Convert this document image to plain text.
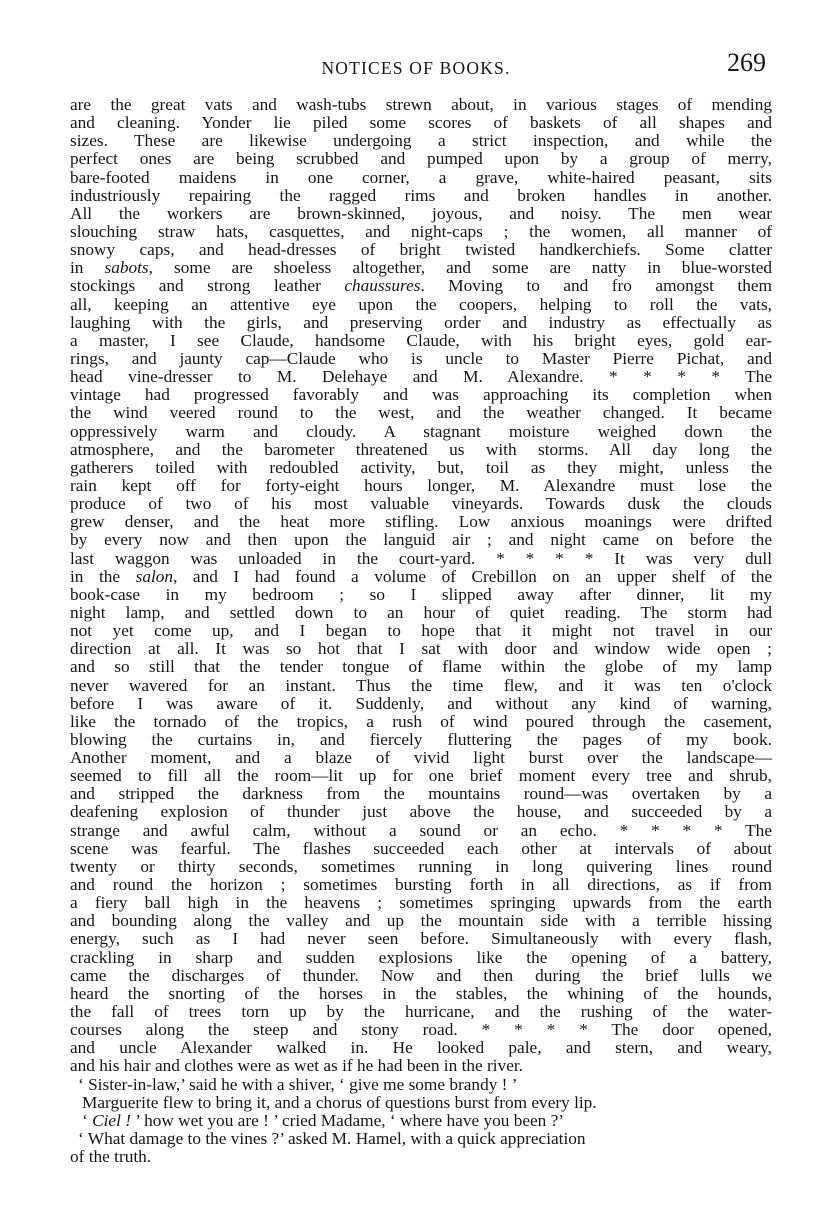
NOTICES OF BOOKS.	269
are the great vats and wash-tubs strewn about, in various stages of mending
and cleaning. Yonder lie piled some scores of baskets of all shapes and
sizes. These are likewise undergoing a strict inspection, and while the
perfect ones are being scrubbed and pumped upon by a group of merry,
bare-footed maidens in one corner, a grave, white-haired peasant, sits
industriously repairing the ragged rims and broken handles in another.
All the workers are brown-skinned, joyous, and noisy. The men wear
slouching straw hats, casquettes, and night-caps ; the women, all manner of
snowy caps, and head-dresses of bright twisted handkerchiefs. Some clatter
in sabots, some are shoeless altogether, and some are natty in blue-worsted
stockings and strong leather chaussures. Moving to and fro amongst them
all, keeping an attentive eye upon the coopers, helping to roll the vats,
laughing with the girls, and preserving order and industry as effectually as
a master, I see Claude, handsome Claude, with his bright eyes, gold ear-
rings, and jaunty cap—Claude who is uncle to Master Pierre Pichat, and
head vine-dresser to M. Delehaye and M. Alexandre. * * * * The
vintage had progressed favorably and was approaching its completion when
the wind veered round to the west, and the weather changed. It became
oppressively warm and cloudy. A stagnant moisture weighed down the
atmosphere, and the barometer threatened us with storms. All day long the
gatherers toiled with redoubled activity, but, toil as they might, unless the
rain kept off for forty-eight hours longer, M. Alexandre must lose the
produce of two of his most valuable vineyards. Towards dusk the clouds
grew denser, and the heat more stifling. Low anxious moanings were drifted
by every now and then upon the languid air ; and night came on before the
last waggon was unloaded in the court-yard. * * * * It was very dull
in the salon, and I had found a volume of Crebillon on an upper shelf of the
book-case in my bedroom ; so I slipped away after dinner, lit my
night lamp, and settled down to an hour of quiet reading. The storm had
not yet come up, and I began to hope that it might not travel in our
direction at all. It was so hot that I sat with door and window wide open ;
and so still that the tender tongue of flame within the globe of my lamp
never wavered for an instant. Thus the time flew, and it was ten o'clock
before I was aware of it. Suddenly, and without any kind of warning,
like the tornado of the tropics, a rush of wind poured through the casement,
blowing the curtains in, and fiercely fluttering the pages of my book.
Another moment, and a blaze of vivid light burst over the landscape—
seemed to fill all the room—lit up for one brief moment every tree and shrub,
and stripped the darkness from the mountains round—was overtaken by a
deafening explosion of thunder just above the house, and succeeded by a
strange and awful calm, without a sound or an echo. * * * * The
scene was fearful. The flashes succeeded each other at intervals of about
twenty or thirty seconds, sometimes running in long quivering lines round
and round the horizon ; sometimes bursting forth in all directions, as if from
a fiery ball high in the heavens ; sometimes springing upwards from the earth
and bounding along the valley and up the mountain side with a terrible hissing
energy, such as I had never seen before. Simultaneously with every flash,
crackling in sharp and sudden explosions like the opening of a battery,
came the discharges of thunder. Now and then during the brief lulls we
heard the snorting of the horses in the stables, the whining of the hounds,
the fall of trees torn up by the hurricane, and the rushing of the water-
courses along the steep and stony road. * * * * The door opened,
and uncle Alexander walked in. He looked pale, and stern, and weary,
and his hair and clothes were as wet as if he had been in the river.
‘ Sister-in-law,’ said he with a shiver, ‘ give me some brandy ! ’
Marguerite flew to bring it, and a chorus of questions burst from every lip.
‘ Ciel ! ’ how wet you are ! ’ cried Madame, ‘ where have you been ?’
‘ What damage to the vines ?’ asked M. Hamel, with a quick appreciation
of the truth.
